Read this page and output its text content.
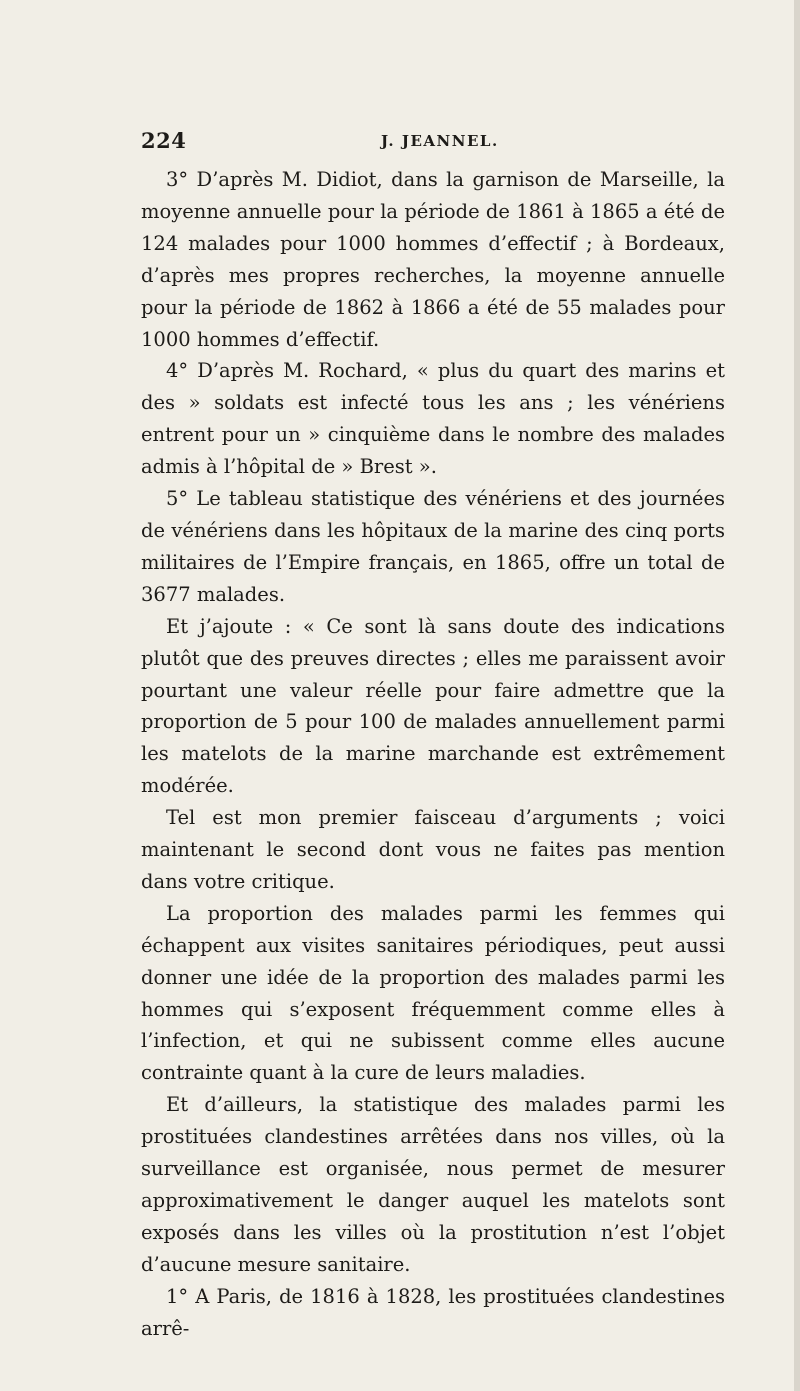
224	J. JEANNEL.

3° D’après M. Didiot, dans la garnison de Marseille, la moyenne annuelle pour la période de 1861 à 1865 a été de 124 malades pour 1000 hommes d’effectif ; à Bordeaux, d’après mes propres recherches, la moyenne annuelle pour la période de 1862 à 1866 a été de 55 malades pour 1000 hommes d’effectif.

4° D’après M. Rochard, « plus du quart des marins et des » soldats est infecté tous les ans ; les vénériens entrent pour un » cinquième dans le nombre des malades admis à l’hôpital de » Brest ».

5° Le tableau statistique des vénériens et des journées de vénériens dans les hôpitaux de la marine des cinq ports militaires de l’Empire français, en 1865, offre un total de 3677 malades.

Et j’ajoute : « Ce sont là sans doute des indications plutôt que des preuves directes ; elles me paraissent avoir pourtant une valeur réelle pour faire admettre que la proportion de 5 pour 100 de malades annuellement parmi les matelots de la marine marchande est extrêmement modérée.

Tel est mon premier faisceau d’arguments ; voici maintenant le second dont vous ne faites pas mention dans votre critique.

La proportion des malades parmi les femmes qui échappent aux visites sanitaires périodiques, peut aussi donner une idée de la proportion des malades parmi les hommes qui s’exposent fréquemment comme elles à l’infection, et qui ne subissent comme elles aucune contrainte quant à la cure de leurs maladies.

Et d’ailleurs, la statistique des malades parmi les prostituées clandestines arrêtées dans nos villes, où la surveillance est organisée, nous permet de mesurer approximativement le danger auquel les matelots sont exposés dans les villes où la prostitution n’est l’objet d’aucune mesure sanitaire.

1° A Paris, de 1816 à 1828, les prostituées clandestines arrê-
